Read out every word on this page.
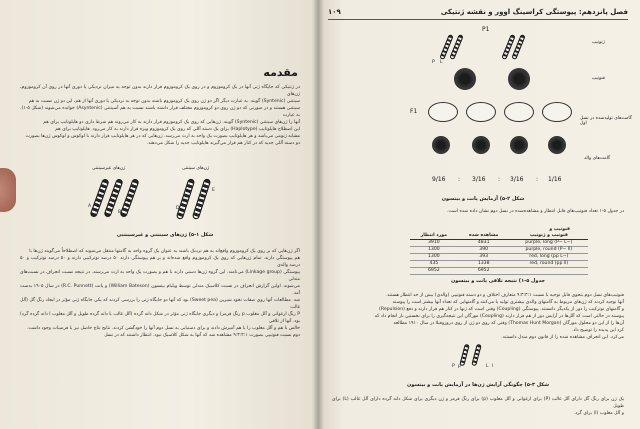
مقدمه
در ژنتیکی که جایگاه ژنی آنها در یک کروموزوم و در روی یک کروموزوم قرار دارند بدون توجه به میزان نزدیکی یا دوری آنها در روی آن کروموزوم، ژن‌های
سینتنی (Syntenic) گویند. به عبارت دیگر اگر دو ژن روی یک کروموزوم باشند بدون توجه به نزدیکی یا دوری آنها از هم، این دو ژن نسبت به هم
سینتنی هستند و در صورتی که دو ژن روی دو کروموزوم مختلف قرار داشته باشند نسبت به هم آسینتنی (Asyntenic) خوانده می‌شوند (شکل ۵-۱). به عبارت
آنها را ژن‌های سینتنی (Syntenic) گویند. ژن‌هایی که روی یک کروموزوم قرار دارند به کار می‌روند هم شرط داری دو هاپلوتایپ برای هم
این اصطلاح هاپلوتایپ (Haplotype) برای یک دسته آللی که روی یک کروموزوم ویژه قرار دارند به کار می‌رود. هاپلوتایپ برای هم
مشابه ژنومی می‌باشد و هر هاپلوتایپ بصورت یک واحد به ارث می‌رسد. ژن‌هایی که در هر هاپلوتایپ قرار دارند با لوکوس و لوکوس ژن‌ها بصورت
دو دسته آللی جدید که در کنار هم قرار می‌گیرند هاپلوتایپ جدید را شکل می‌دهند.
ژن‌های غیرسینتنی	ژن‌های سینتنی
A
B
D
E
شکل ۱-۵) ژن‌های سینتنی و غیرسینتنی
اگر ژن‌هایی که بر روی یک کروموزوم واقع‌اند به هم نزدیک باشند به عنوان یک گروه واحد به گامتها منتقل می‌شوند که اصطلاحاً می‌گویند ژن‌ها با
هم پیوستگی دارند. تمام ژن‌هایی که روی یک کروموزوم واقع شده‌اند و بر هم پیوستگی دارند ۵۰ درصد نوترکیبی دارند و ۵۰ درصد نوترکیب و ۵۰ درصد والدی
پیوستگی (Linkage group) می‌نامند. این گروه ژن‌ها دستی دارند با هم و بصورت یک واحد به ارث می‌رسند. در نتیجه نسبت انحراف در نسبت‌های مندلی
می‌شوند. اولین گزارش انحراف در نسبت کلاسیک مندلی توسط ویلیام بیتسون (William Bateson) و پانت (R.C. Punnett) در سال ۱۹۰۵ بدست آمد.
شد. مطالعات آنها روی صفات نخود شیرین (Sweet pea) بود که آنها دو جایگاه ژنی را بررسی کردند که یکی جایگاه ژنی مؤثر در ایجاد رنگ گل (آلل غالب
P رنگ ارغوانی و آلل مغلوب p رنگ قرمز) و دیگری جایگاه ژنی مؤثر در شکل دانه گرده (آلل غالب L دانه گرده طویل و آلل مغلوب l دانه گرده گرد) بود. آنها از تلاقی
خالص با هم و آلل مغلوب را با هم آمیزش دادند و برای دستیابی به نسل دوم آنها را خودگشن کردند. نتایج نتاج حاصل نیز با فرضیات وجود داشت.
دوم نسبت فنوتیپی بصورت ۹:۳:۳:۱ مشاهده شد که آنها به شکل کلاسیک نبود. انتظار داشتند که در نسل
۱۰۹	فصل پانزدهم: پیوستگی کراسینگ اوور و نقشه ژنتیکی
P1
ژنوتیپ
فنوتیپ
گامت‌های تولیدشده در نسل اول
گامت‌های والد
P L
F1
9/16 : 3/16 : 3/16 : 1/16
شکل ۲-۵) آزمایش پانت و بیتسون
در جدول ۵-۱ تعداد فنوتیپ‌های قابل انتظار و مشاهده‌شده در نسل دوم نشان داده شده است.
فنوتیپ و
مورد انتظار	مشاهده شده	فنوتیپ و ژنوتیپ
3910	4831	purple, long (P− L−)
1300	390	purple, round (P− ll)
1300	393	red, long (pp L−)
435	1338	red, round (pp ll)
6952	6952	
جدول ۵-۱) نتیجه تلاقی پانت و بیتسون
فنوتیپ‌های نسل دوم بنحوی قابل توجیه با نسبت ۹:۳:۳:۱ متعارف اختلاف و دو دسته فنوتیپی (والدی) بیش از حد انتظار هستند.
آنها توجیه کردند که ژن‌های مربوط به گامتهای والدی بیشتری تولید یا می‌کنند و گامتهایی که تعداد آنها بیشتر است را پیوسته
و گامتهای نوترکیب را دور از یکدیگر دانستند. پیوستگی (Coupling) وقتی است که ژنها در کنار هم قرار دارند و دفع (Repulsion)
پیوسته در حالتی است که آلل‌ها در آرایش دور از هم قرار دارند (Coupling) مورگان این نتیجه‌گیری را برای نخستین بار انجام داد که
آن‌ها را از این دو محلول مورگان (Thomas Hunt Morgan) وقتی که روی دو ژن از روی دروزوفیلا در سال ۱۹۱۰ مطالعه
کرد این پدیده را توضیح داد.
می‌کرد. این انحراف مشاهده شده را از قانون دوم مندل دانستند.
P p	L l
شکل ۳-۵) چگونگی آرایش ژن‌ها در آزمایش پانت و بیتسون
یک ژن برای رنگ گل دارای آلل غالب (P) برای ارغوانی و آلل مغلوب (p) برای رنگ قرمز و ژن دیگری برای شکل دانه گرده دارای آلل غالب (L) برای طویل
و آلل مغلوب (l) برای گرد.
